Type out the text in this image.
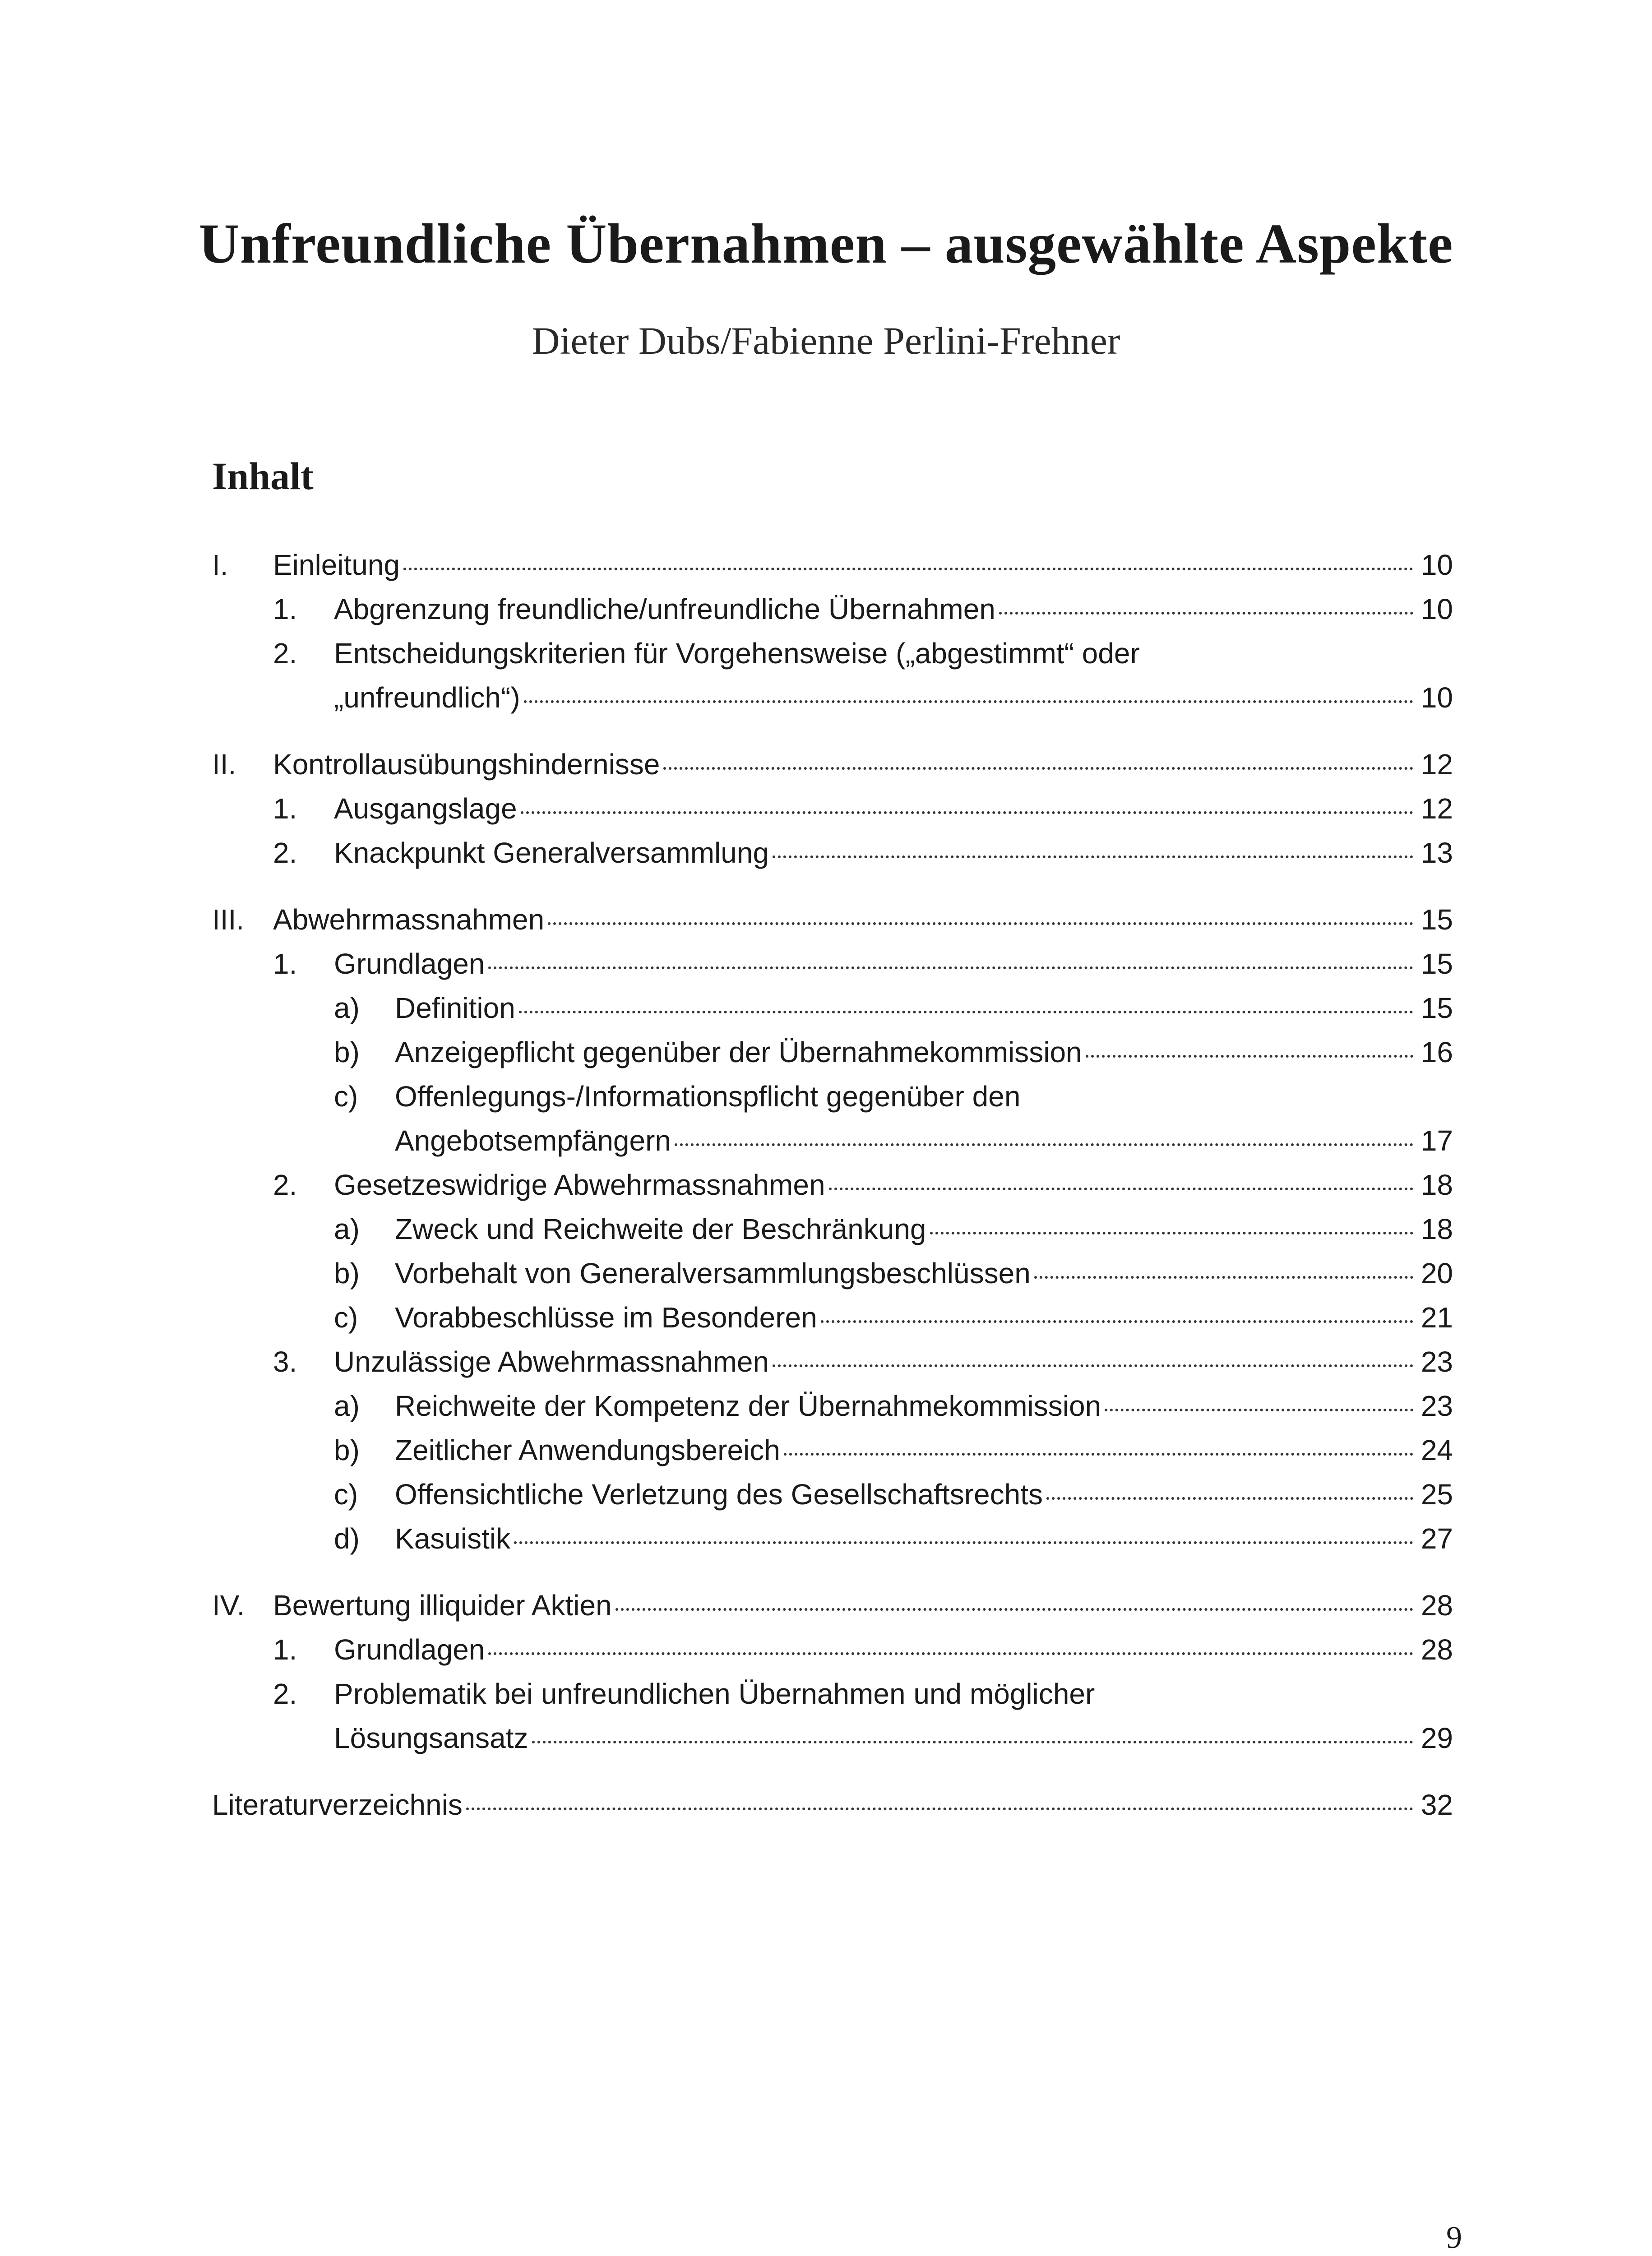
Unfreundliche Übernahmen – ausgewählte Aspekte
Dieter Dubs/Fabienne Perlini-Frehner
Inhalt
I. Einleitung	10
1. Abgrenzung freundliche/unfreundliche Übernahmen	10
2. Entscheidungskriterien für Vorgehensweise („abgestimmt“ oder
„unfreundlich“)	10
II. Kontrollausübungshindernisse	12
1. Ausgangslage	12
2. Knackpunkt Generalversammlung	13
III. Abwehrmassnahmen	15
1. Grundlagen	15
a) Definition	15
b) Anzeigepflicht gegenüber der Übernahmekommission	16
c) Offenlegungs-/Informationspflicht gegenüber den
Angebotsempfängern	17
2. Gesetzeswidrige Abwehrmassnahmen	18
a) Zweck und Reichweite der Beschränkung	18
b) Vorbehalt von Generalversammlungsbeschlüssen	20
c) Vorabbeschlüsse im Besonderen	21
3. Unzulässige Abwehrmassnahmen	23
a) Reichweite der Kompetenz der Übernahmekommission	23
b) Zeitlicher Anwendungsbereich	24
c) Offensichtliche Verletzung des Gesellschaftsrechts	25
d) Kasuistik	27
IV. Bewertung illiquider Aktien	28
1. Grundlagen	28
2. Problematik bei unfreundlichen Übernahmen und möglicher
Lösungsansatz	29
Literaturverzeichnis	32
9
